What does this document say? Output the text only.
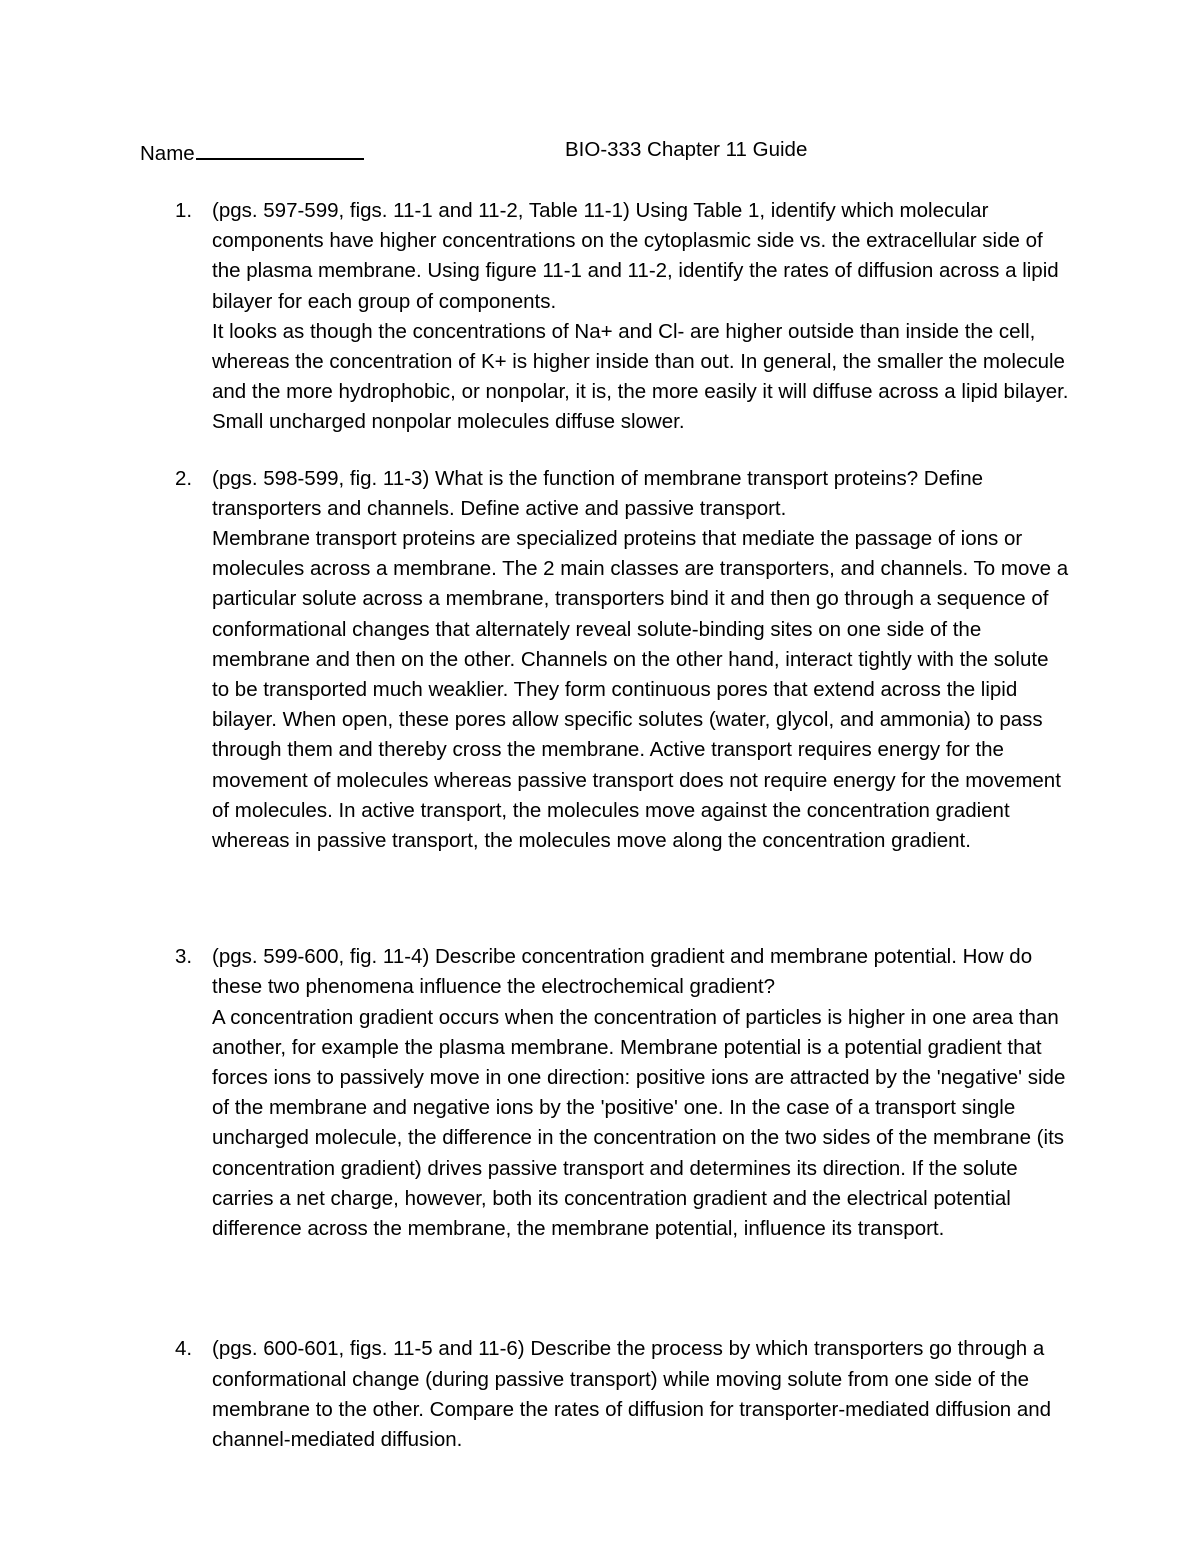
Name	BIO-333 Chapter 11 Guide
1. (pgs. 597-599, figs. 11-1 and 11-2, Table 11-1) Using Table 1, identify which molecular components have higher concentrations on the cytoplasmic side vs. the extracellular side of the plasma membrane. Using figure 11-1 and 11-2, identify the rates of diffusion across a lipid bilayer for each group of components.

It looks as though the concentrations of Na+ and Cl- are higher outside than inside the cell, whereas the concentration of K+ is higher inside than out. In general, the smaller the molecule and the more hydrophobic, or nonpolar, it is, the more easily it will diffuse across a lipid bilayer. Small uncharged nonpolar molecules diffuse slower.

2. (pgs. 598-599, fig. 11-3) What is the function of membrane transport proteins? Define transporters and channels. Define active and passive transport.

Membrane transport proteins are specialized proteins that mediate the passage of ions or molecules across a membrane. The 2 main classes are transporters, and channels. To move a particular solute across a membrane, transporters bind it and then go through a sequence of conformational changes that alternately reveal solute-binding sites on one side of the membrane and then on the other. Channels on the other hand, interact tightly with the solute to be transported much weaklier. They form continuous pores that extend across the lipid bilayer. When open, these pores allow specific solutes (water, glycol, and ammonia) to pass through them and thereby cross the membrane. Active transport requires energy for the movement of molecules whereas passive transport does not require energy for the movement of molecules. In active transport, the molecules move against the concentration gradient whereas in passive transport, the molecules move along the concentration gradient.

3. (pgs. 599-600, fig. 11-4) Describe concentration gradient and membrane potential. How do these two phenomena influence the electrochemical gradient?

A concentration gradient occurs when the concentration of particles is higher in one area than another, for example the plasma membrane. Membrane potential is a potential gradient that forces ions to passively move in one direction: positive ions are attracted by the 'negative' side of the membrane and negative ions by the 'positive' one. In the case of a transport single uncharged molecule, the difference in the concentration on the two sides of the membrane (its concentration gradient) drives passive transport and determines its direction. If the solute carries a net charge, however, both its concentration gradient and the electrical potential difference across the membrane, the membrane potential, influence its transport.

4. (pgs. 600-601, figs. 11-5 and 11-6) Describe the process by which transporters go through a conformational change (during passive transport) while moving solute from one side of the membrane to the other. Compare the rates of diffusion for transporter-mediated diffusion and channel-mediated diffusion.
